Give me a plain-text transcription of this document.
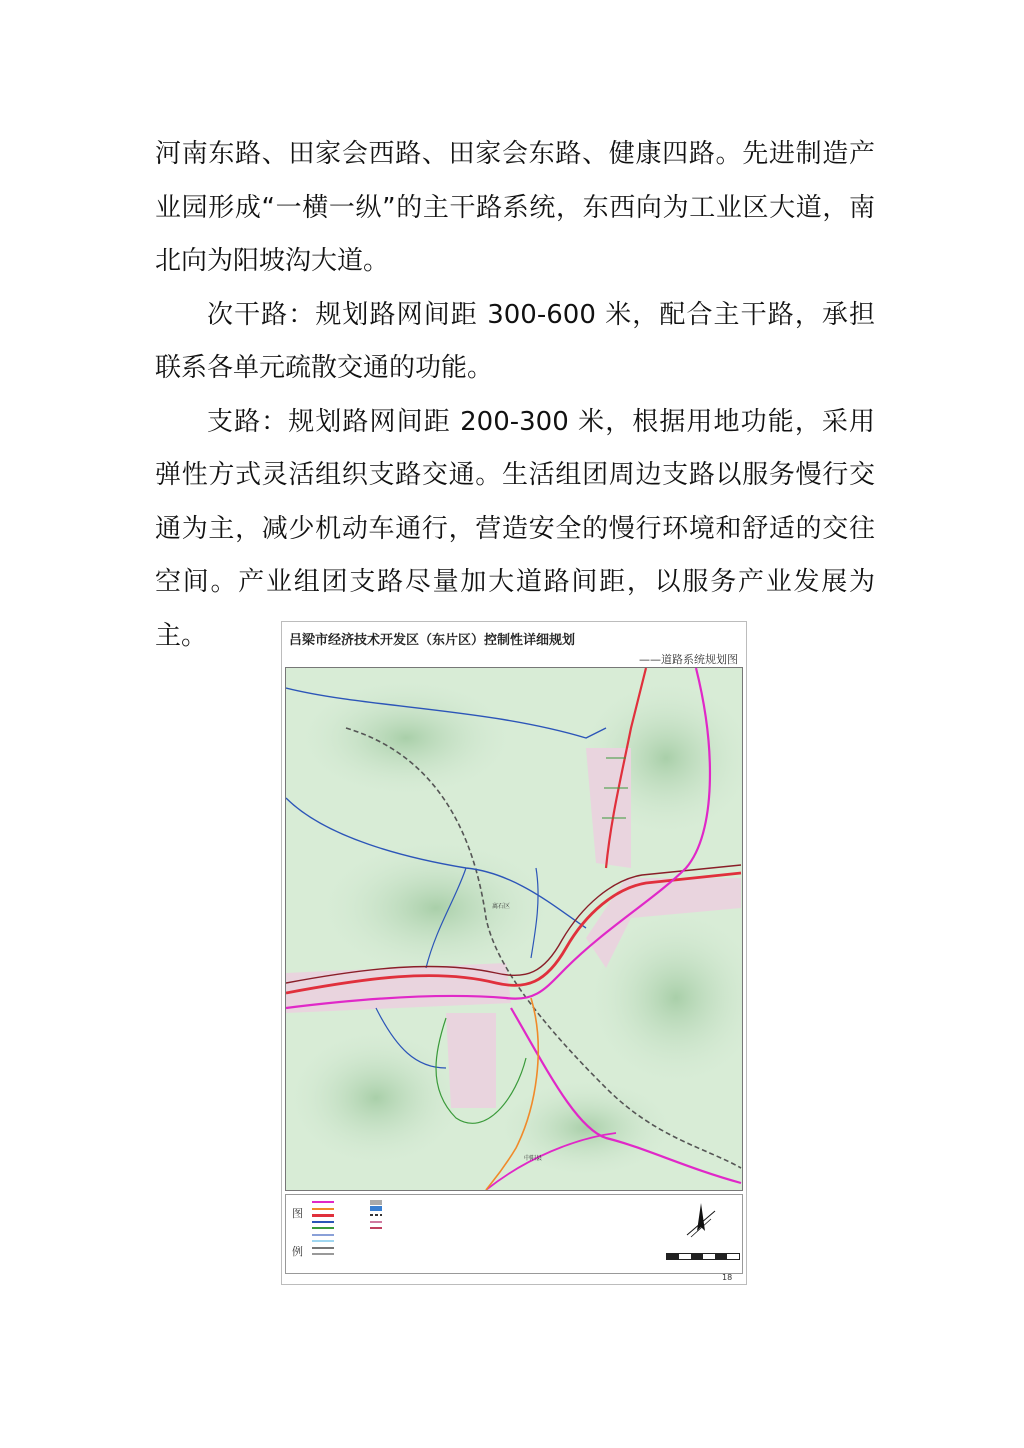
河南东路、田家会西路、田家会东路、健康四路。先进制造产业园形成“一横一纵”的主干路系统，东西向为工业区大道，南北向为阳坡沟大道。

次干路：规划路网间距 300-600 米，配合主干路，承担联系各单元疏散交通的功能。

支路：规划路网间距 200-300 米，根据用地功能，采用弹性方式灵活组织支路交通。生活组团周边支路以服务慢行交通为主，减少机动车通行，营造安全的慢行环境和舒适的交往空间。产业组团支路尽量加大道路间距，以服务产业发展为主。	吕梁市经济技术开发区（东片区）控制性详细规划
——道路系统规划图
离石区
中阳县
图
例
18
